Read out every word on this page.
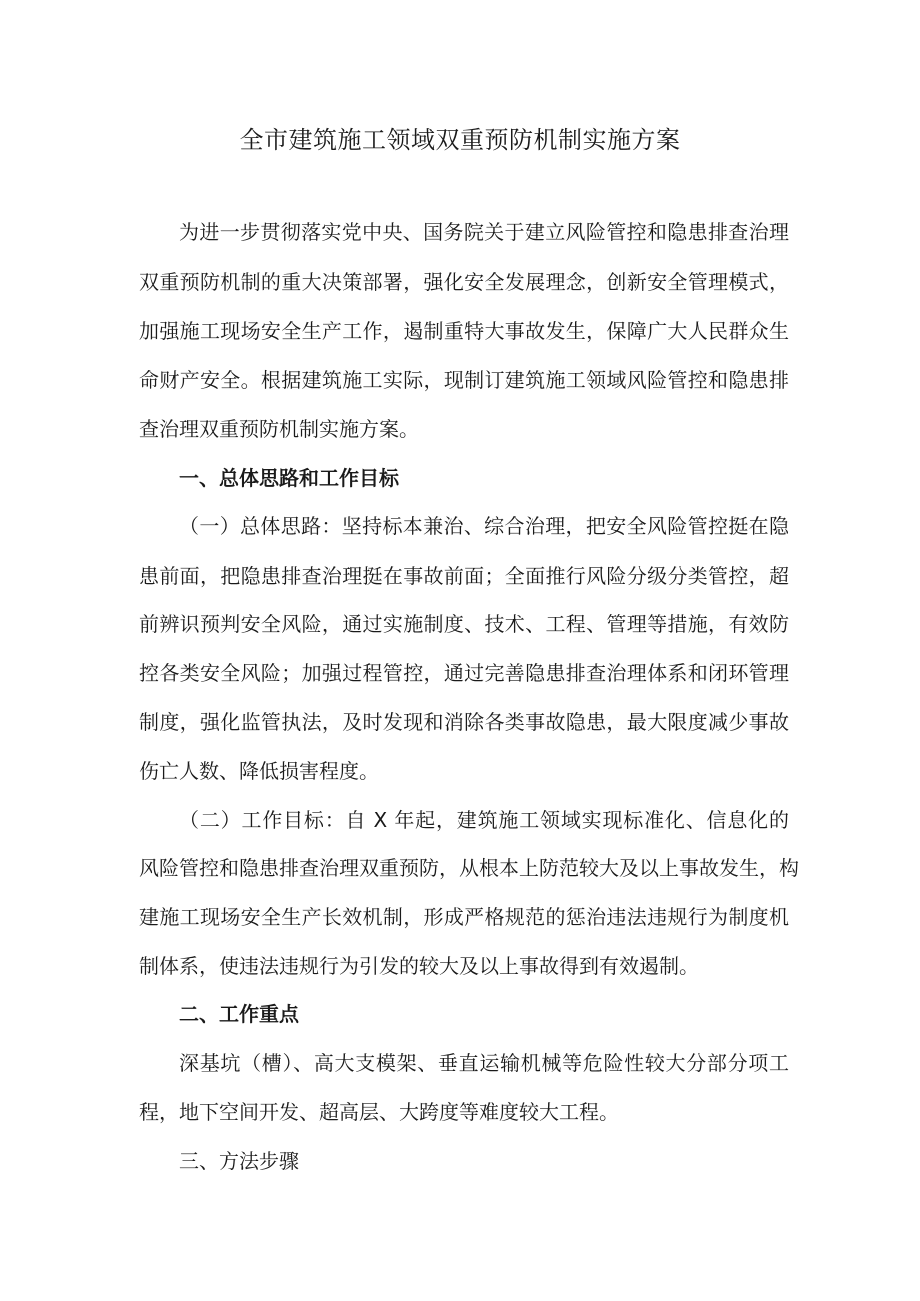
全市建筑施工领域双重预防机制实施方案

为进一步贯彻落实党中央、国务院关于建立风险管控和隐患排查治理

双重预防机制的重大决策部署，强化安全发展理念，创新安全管理模式，

加强施工现场安全生产工作，遏制重特大事故发生，保障广大人民群众生

命财产安全。根据建筑施工实际，现制订建筑施工领域风险管控和隐患排

查治理双重预防机制实施方案。

一、总体思路和工作目标

（一）总体思路：坚持标本兼治、综合治理，把安全风险管控挺在隐

患前面，把隐患排查治理挺在事故前面；全面推行风险分级分类管控，超

前辨识预判安全风险，通过实施制度、技术、工程、管理等措施，有效防

控各类安全风险；加强过程管控，通过完善隐患排查治理体系和闭环管理

制度，强化监管执法，及时发现和消除各类事故隐患，最大限度减少事故

伤亡人数、降低损害程度。

（二）工作目标：自 X 年起，建筑施工领域实现标准化、信息化的

风险管控和隐患排查治理双重预防，从根本上防范较大及以上事故发生，构

建施工现场安全生产长效机制，形成严格规范的惩治违法违规行为制度机

制体系，使违法违规行为引发的较大及以上事故得到有效遏制。

二、工作重点

深基坑（槽）、高大支模架、垂直运输机械等危险性较大分部分项工

程，地下空间开发、超高层、大跨度等难度较大工程。

三、方法步骤
